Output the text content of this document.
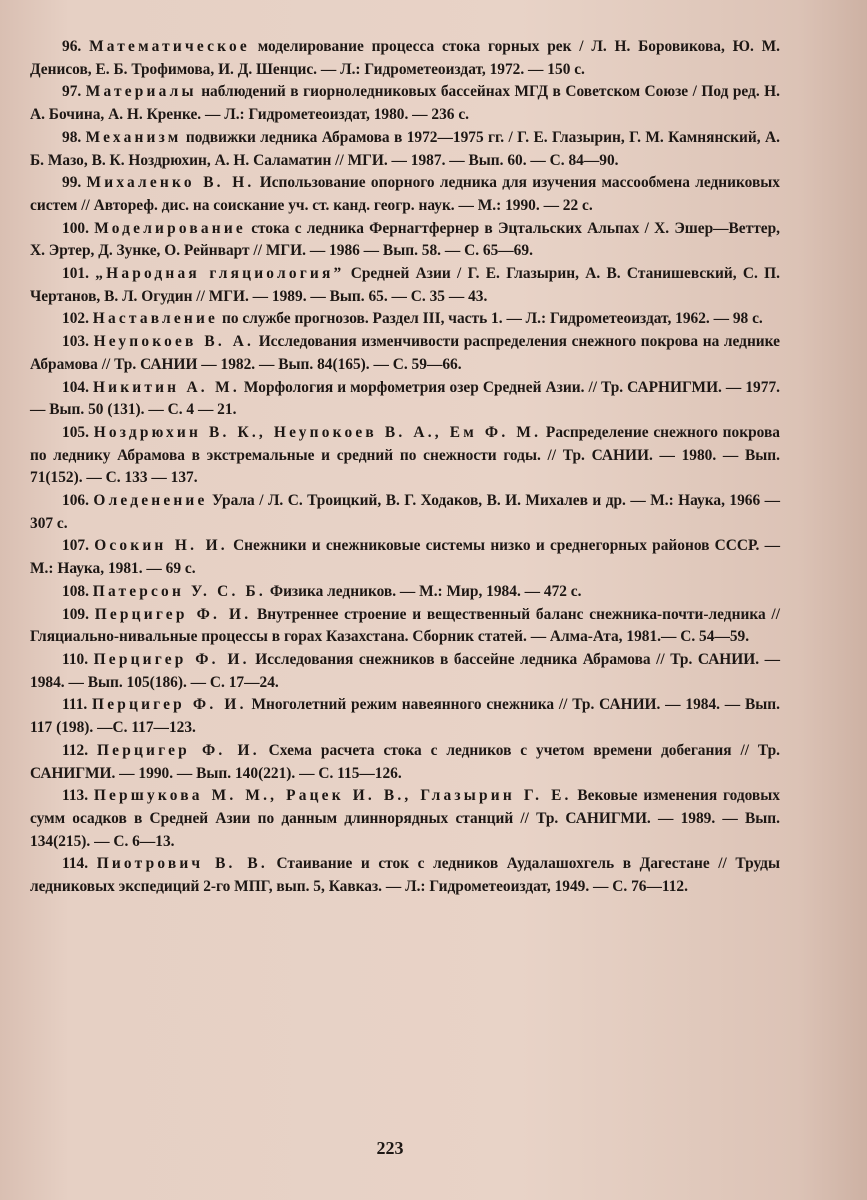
96. Математическое моделирование процесса стока горных рек / Л. Н. Боровикова, Ю. М. Денисов, Е. Б. Трофимова, И. Д. Шенцис. — Л.: Гидрометеоиздат, 1972. — 150 с.

97. Материалы наблюдений в гиорноледниковых бассейнах МГД в Советском Союзе / Под ред. Н. А. Бочина, А. Н. Кренке. — Л.: Гидрометеоиздат, 1980. — 236 с.

98. Механизм подвижки ледника Абрамова в 1972—1975 гг. / Г. Е. Глазырин, Г. М. Камнянский, А. Б. Мазо, В. К. Ноздрюхин, А. Н. Саламатин // МГИ. — 1987. — Вып. 60. — С. 84—90.

99. Михаленко В. Н. Использование опорного ледника для изучения массообмена ледниковых систем // Автореф. дис. на соискание уч. ст. канд. геогр. наук. — М.: 1990. — 22 с.

100. Моделирование стока с ледника Фернагтфернер в Эцтальских Альпах / Х. Эшер—Веттер, Х. Эртер, Д. Зунке, О. Рейнварт // МГИ. — 1986 — Вып. 58. — С. 65—69.

101. „Народная гляциология” Средней Азии / Г. Е. Глазырин, А. В. Станишевский, С. П. Чертанов, В. Л. Огудин // МГИ. — 1989. — Вып. 65. — С. 35 — 43.

102. Наставление по службе прогнозов. Раздел III, часть 1. — Л.: Гидрометеоиздат, 1962. — 98 с.

103. Неупокоев В. А. Исследования изменчивости распределения снежного покрова на леднике Абрамова // Тр. САНИИ — 1982. — Вып. 84(165). — С. 59—66.

104. Никитин А. М. Морфология и морфометрия озер Средней Азии. // Тр. САРНИГМИ. — 1977. — Вып. 50 (131). — С. 4 — 21.

105. Ноздрюхин В. К., Неупокоев В. А., Ем Ф. М. Распределение снежного покрова по леднику Абрамова в экстремальные и средний по снежности годы. // Тр. САНИИ. — 1980. — Вып. 71(152). — С. 133 — 137.

106. Оледенение Урала / Л. С. Троицкий, В. Г. Ходаков, В. И. Михалев и др. — М.: Наука, 1966 — 307 с.

107. Осокин Н. И. Снежники и снежниковые системы низко и среднегорных районов СССР. — М.: Наука, 1981. — 69 с.

108. Патерсон У. С. Б. Физика ледников. — М.: Мир, 1984. — 472 с.

109. Перцигер Ф. И. Внутреннее строение и вещественный баланс снежника-почти-ледника // Гляциально-нивальные процессы в горах Казахстана. Сборник статей. — Алма-Ата, 1981.— С. 54—59.

110. Перцигер Ф. И. Исследования снежников в бассейне ледника Абрамова // Тр. САНИИ. — 1984. — Вып. 105(186). — С. 17—24.

111. Перцигер Ф. И. Многолетний режим навеянного снежника // Тр. САНИИ. — 1984. — Вып. 117 (198). —С. 117—123.

112. Перцигер Ф. И. Схема расчета стока с ледников с учетом времени добегания // Тр. САНИГМИ. — 1990. — Вып. 140(221). — С. 115—126.

113. Першукова М. М., Рацек И. В., Глазырин Г. Е. Вековые изменения годовых сумм осадков в Средней Азии по данным длиннорядных станций // Тр. САНИГМИ. — 1989. — Вып. 134(215). — С. 6—13.

114. Пиотрович В. В. Стаивание и сток с ледников Аудалашохгель в Дагестане // Труды ледниковых экспедиций 2-го МПГ, вып. 5, Кавказ. — Л.: Гидрометеоиздат, 1949. — С. 76—112.

223
